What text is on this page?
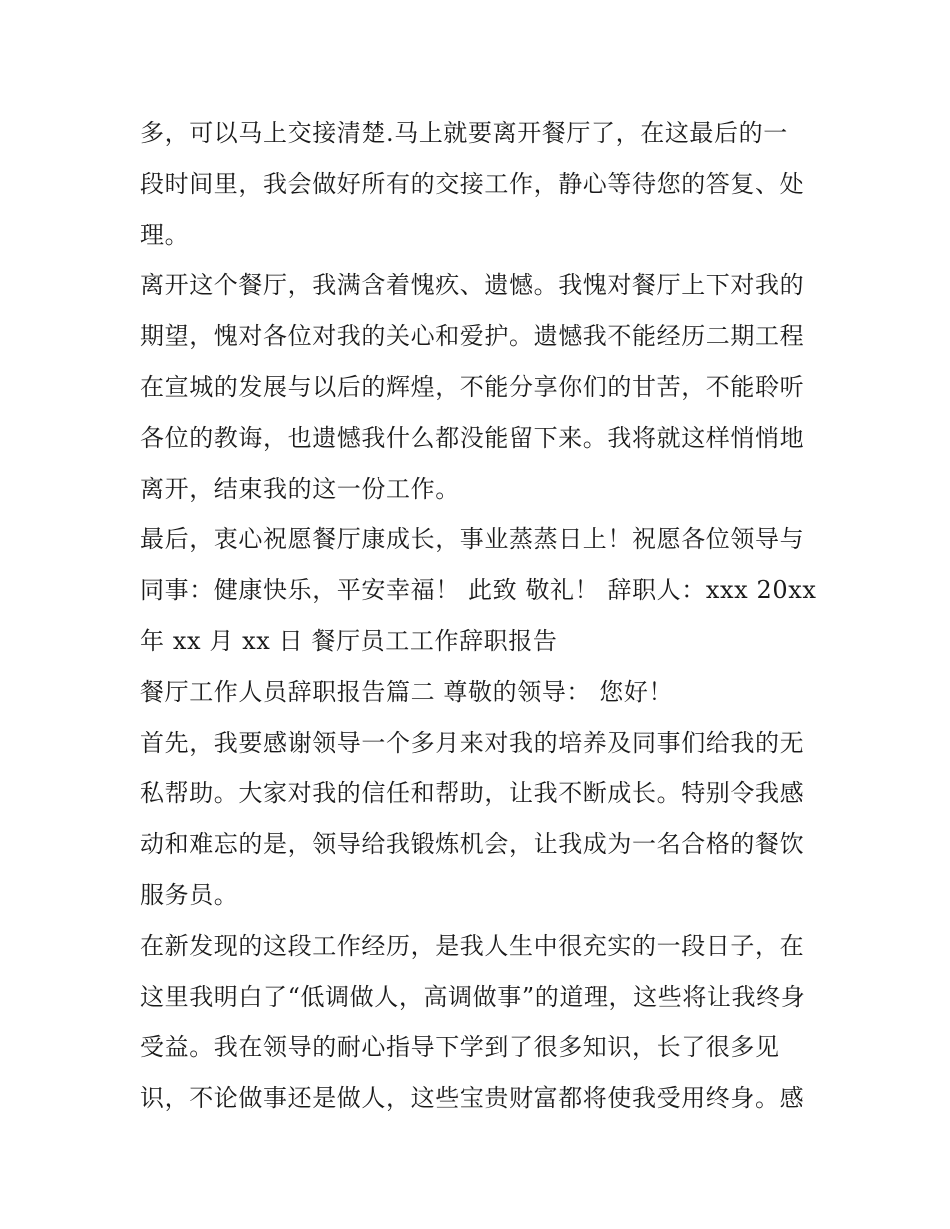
多，可以马上交接清楚.马上就要离开餐厅了，在这最后的一
段时间里，我会做好所有的交接工作，静心等待您的答复、处
理。
离开这个餐厅，我满含着愧疚、遗憾。我愧对餐厅上下对我的
期望，愧对各位对我的关心和爱护。遗憾我不能经历二期工程
在宣城的发展与以后的辉煌，不能分享你们的甘苦，不能聆听
各位的教诲，也遗憾我什么都没能留下来。我将就这样悄悄地
离开，结束我的这一份工作。
最后，衷心祝愿餐厅康成长，事业蒸蒸日上！祝愿各位领导与
同事：健康快乐，平安幸福！ 此致 敬礼！ 辞职人：xxx 20xx
年 xx 月 xx 日 餐厅员工工作辞职报告
餐厅工作人员辞职报告篇二 尊敬的领导： 您好！
首先，我要感谢领导一个多月来对我的培养及同事们给我的无
私帮助。大家对我的信任和帮助，让我不断成长。特别令我感
动和难忘的是，领导给我锻炼机会，让我成为一名合格的餐饮
服务员。
在新发现的这段工作经历，是我人生中很充实的一段日子，在
这里我明白了“低调做人，高调做事”的道理，这些将让我终身
受益。我在领导的耐心指导下学到了很多知识，长了很多见
识，不论做事还是做人，这些宝贵财富都将使我受用终身。感
